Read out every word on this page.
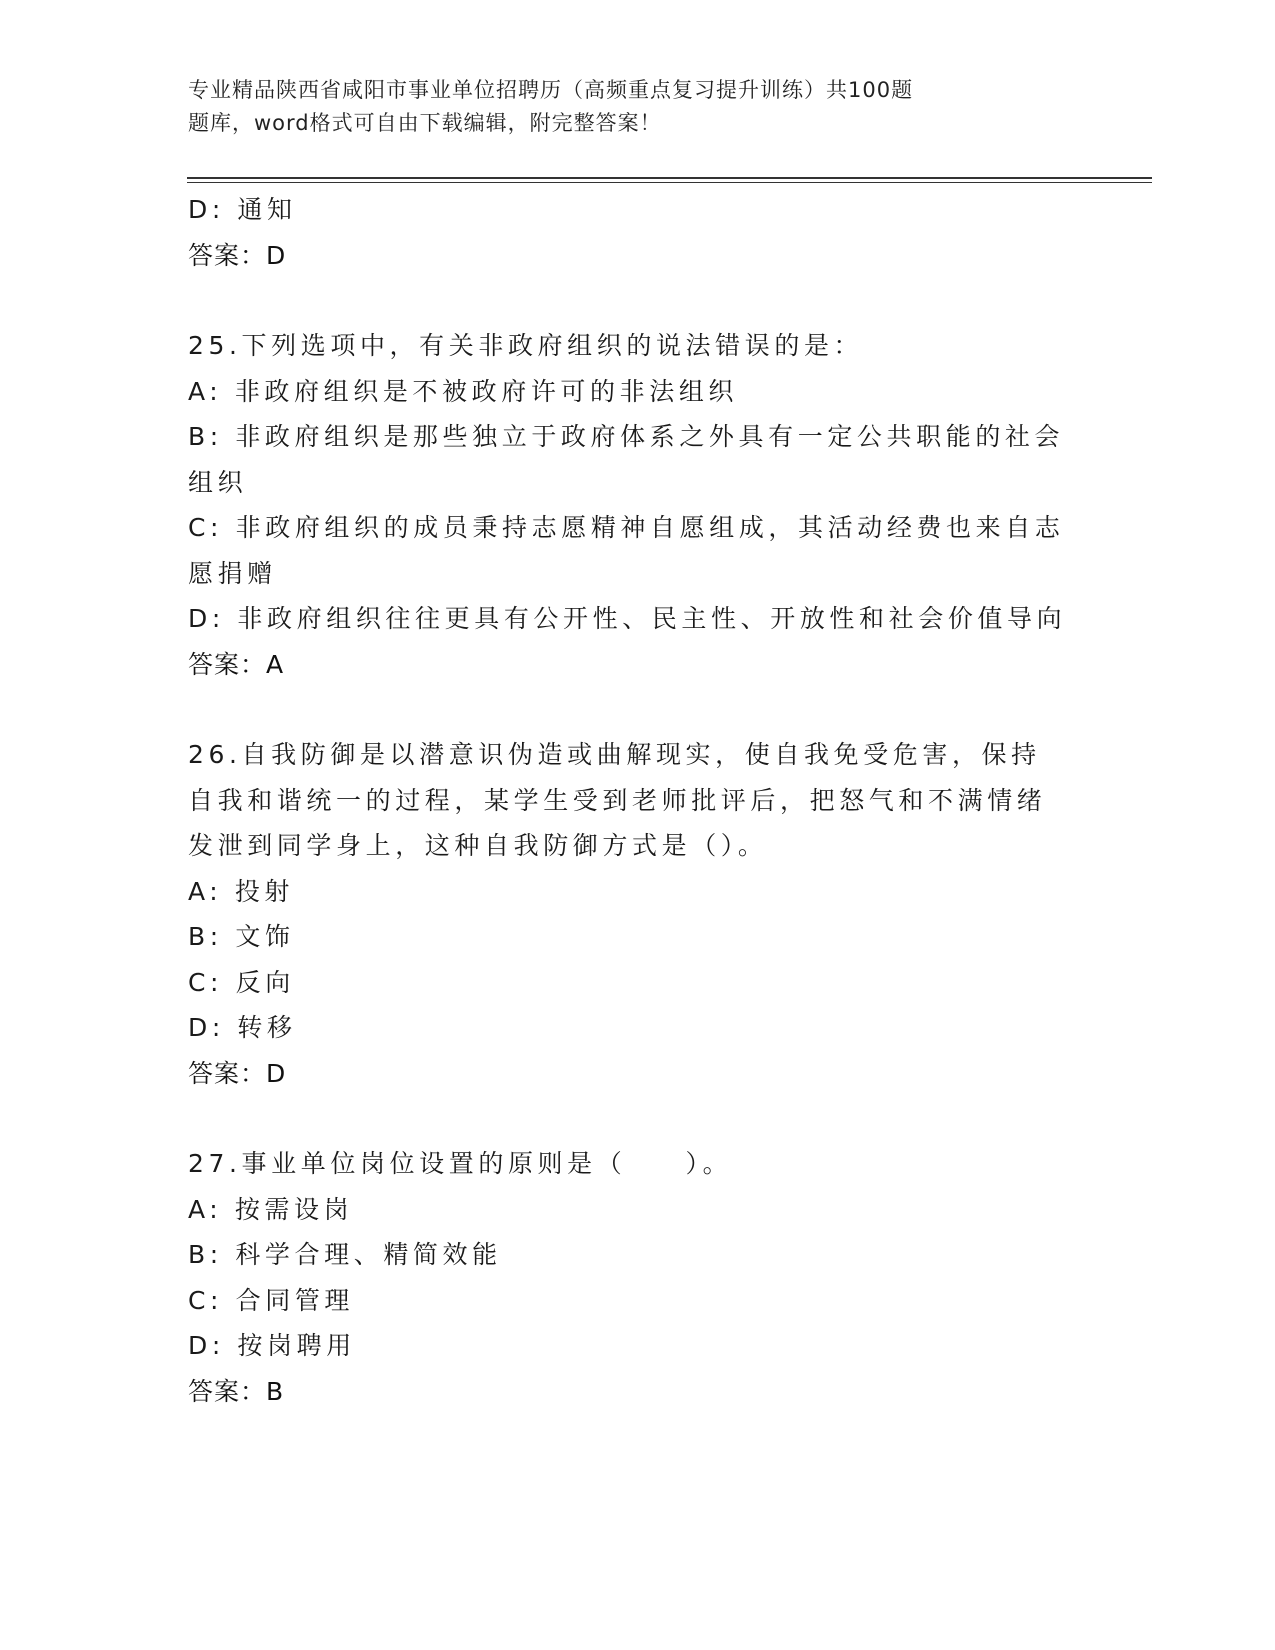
专业精品陕西省咸阳市事业单位招聘历（高频重点复习提升训练）共100题
题库，word格式可自由下载编辑，附完整答案！
D: 通知
答案：D
25.下列选项中，有关非政府组织的说法错误的是：
A: 非政府组织是不被政府许可的非法组织
B: 非政府组织是那些独立于政府体系之外具有一定公共职能的社会组织
C: 非政府组织的成员秉持志愿精神自愿组成，其活动经费也来自志愿捐赠
D: 非政府组织往往更具有公开性、民主性、开放性和社会价值导向
答案：A
26.自我防御是以潜意识伪造或曲解现实，使自我免受危害，保持自我和谐统一的过程，某学生受到老师批评后，把怒气和不满情绪发泄到同学身上，这种自我防御方式是（）。
A: 投射
B: 文饰
C: 反向
D: 转移
答案：D
27.事业单位岗位设置的原则是（　　）。
A: 按需设岗
B: 科学合理、精简效能
C: 合同管理
D: 按岗聘用
答案：B
